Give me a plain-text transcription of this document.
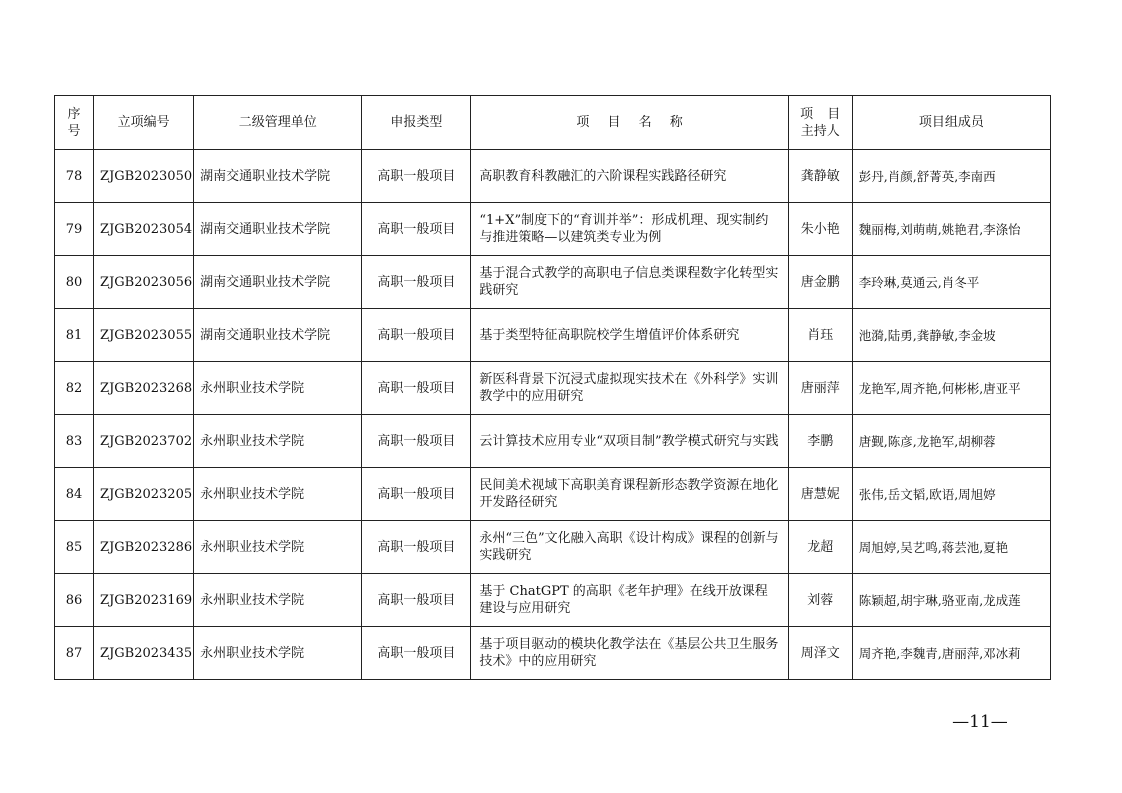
序号	立项编号	二级管理单位	申报类型	项 目 名 称	项 目 主持人	项目组成员
78	ZJGB2023050	湖南交通职业技术学院	高职一般项目	高职教育科教融汇的六阶课程实践路径研究	龚静敏	彭丹,肖颜,舒菁英,李南西
79	ZJGB2023054	湖南交通职业技术学院	高职一般项目	“1+X”制度下的“育训并举”：形成机理、现实制约与推进策略—以建筑类专业为例	朱小艳	魏丽梅,刘萌萌,姚艳君,李涤怡
80	ZJGB2023056	湖南交通职业技术学院	高职一般项目	基于混合式教学的高职电子信息类课程数字化转型实践研究	唐金鹏	李玲琳,莫通云,肖冬平
81	ZJGB2023055	湖南交通职业技术学院	高职一般项目	基于类型特征高职院校学生增值评价体系研究	肖珏	池漪,陆勇,龚静敏,李金坡
82	ZJGB2023268	永州职业技术学院	高职一般项目	新医科背景下沉浸式虚拟现实技术在《外科学》实训教学中的应用研究	唐丽萍	龙艳军,周齐艳,何彬彬,唐亚平
83	ZJGB2023702	永州职业技术学院	高职一般项目	云计算技术应用专业“双项目制”教学模式研究与实践	李鹏	唐觐,陈彦,龙艳军,胡柳蓉
84	ZJGB2023205	永州职业技术学院	高职一般项目	民间美术视域下高职美育课程新形态教学资源在地化开发路径研究	唐慧妮	张伟,岳文韬,欧语,周旭婷
85	ZJGB2023286	永州职业技术学院	高职一般项目	永州“三色”文化融入高职《设计构成》课程的创新与实践研究	龙超	周旭婷,吴艺鸣,蒋芸池,夏艳
86	ZJGB2023169	永州职业技术学院	高职一般项目	基于 ChatGPT 的高职《老年护理》在线开放课程建设与应用研究	刘蓉	陈颖超,胡宇琳,骆亚南,龙成莲
87	ZJGB2023435	永州职业技术学院	高职一般项目	基于项目驱动的模块化教学法在《基层公共卫生服务技术》中的应用研究	周泽文	周齐艳,李魏青,唐丽萍,邓冰莉
—11—
